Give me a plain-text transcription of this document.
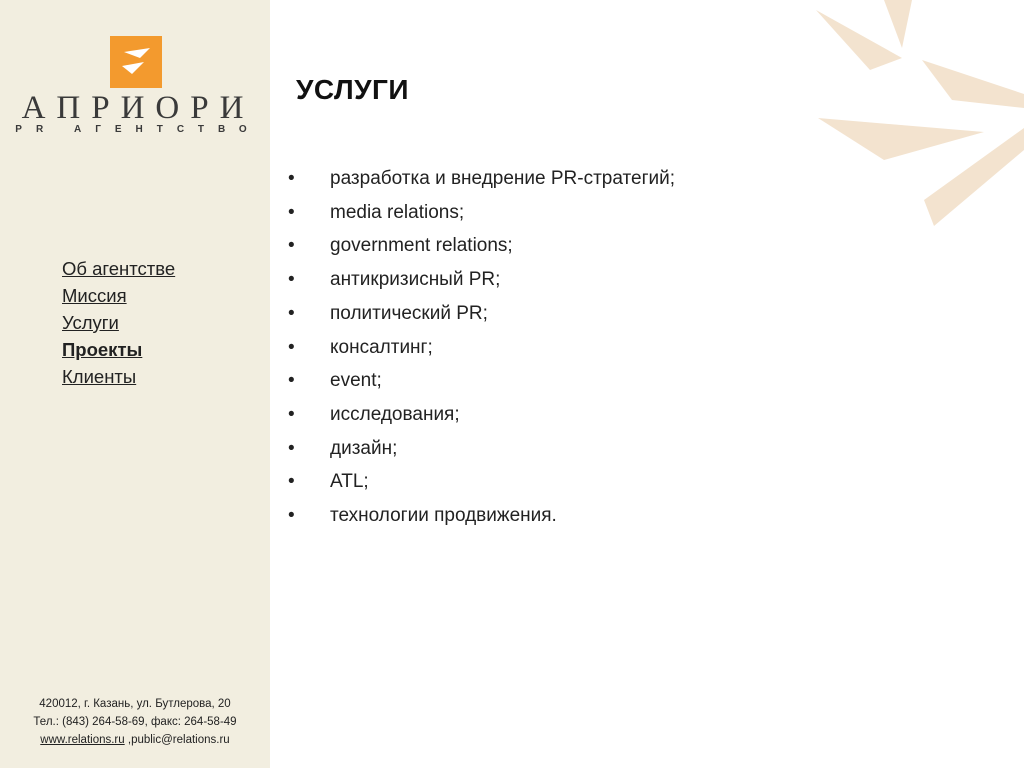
АПРИОРИ
PR АГЕНТСТВО
Об агентстве
Миссия
Услуги
Проекты
Клиенты
420012, г. Казань, ул. Бутлерова, 20
Тел.: (843) 264-58-69, факс: 264-58-49
www.relations.ru ,public@relations.ru
УСЛУГИ
• разработка и внедрение PR-стратегий;
• media relations;
• government relations;
• антикризисный PR;
• политический PR;
• консалтинг;
• event;
• исследования;
• дизайн;
• ATL;
• технологии продвижения.
